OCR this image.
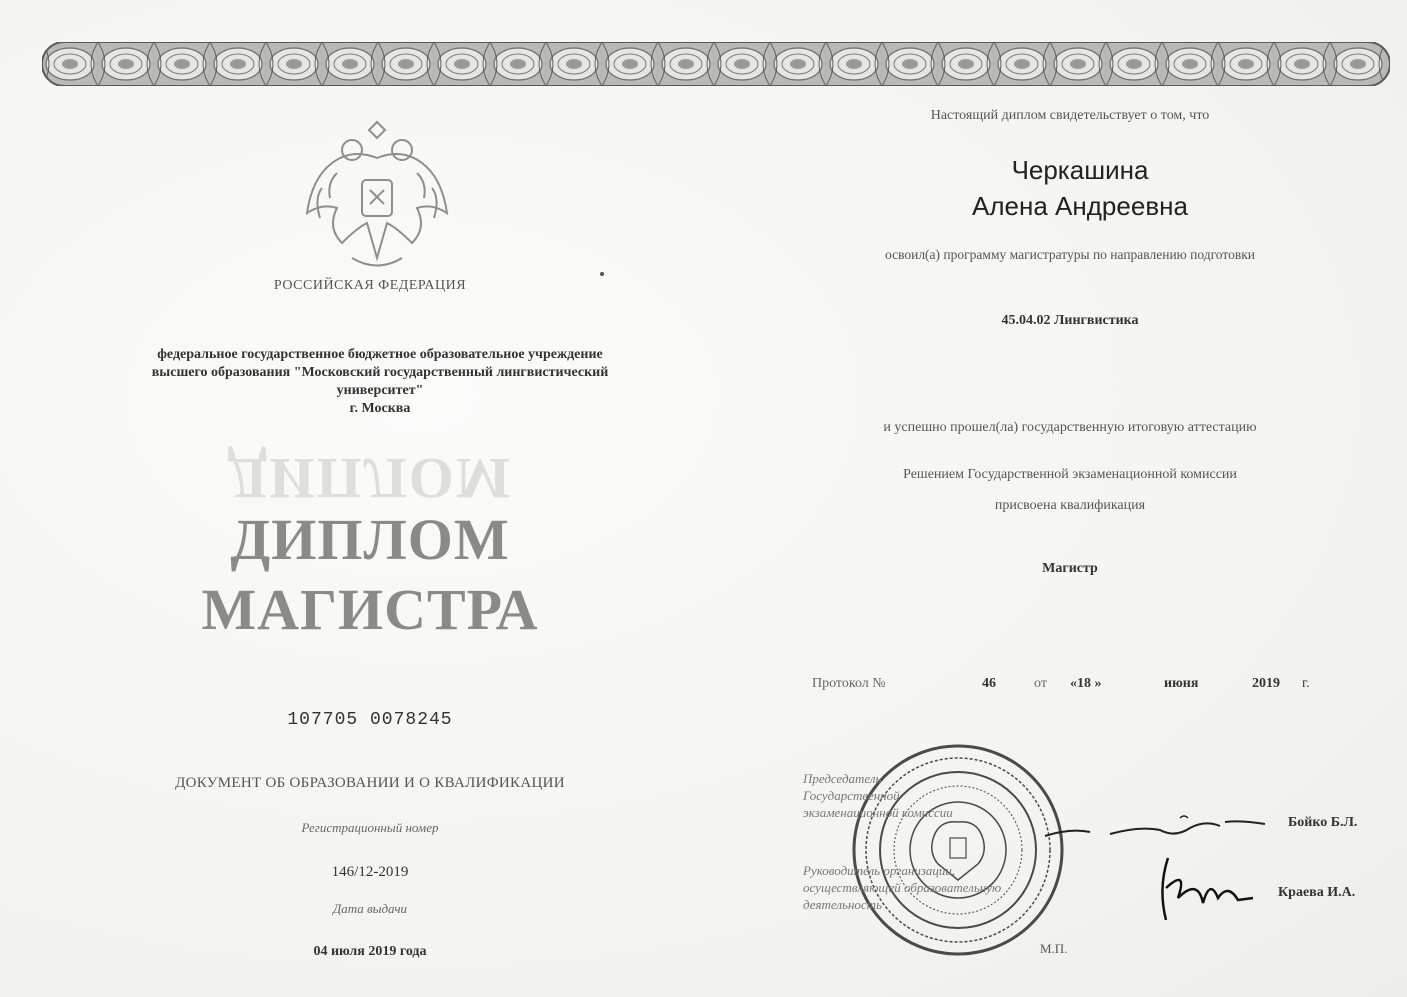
РОССИЙСКАЯ ФЕДЕРАЦИЯ
федеральное государственное бюджетное образовательное учреждение
высшего образования "Московский государственный лингвистический
университет"
г. Москва
ДИПЛОМ
ДИПЛОМ
МАГИСТРА
107705 0078245
ДОКУМЕНТ ОБ ОБРАЗОВАНИИ И О КВАЛИФИКАЦИИ
Регистрационный номер
146/12-2019
Дата выдачи
04 июля 2019 года
Настоящий диплом свидетельствует о том, что
Черкашина
Алена Андреевна
освоил(а) программу магистратуры по направлению подготовки
45.04.02 Лингвистика
и успешно прошел(ла) государственную итоговую аттестацию
Решением Государственной экзаменационной комиссии
присвоена квалификация
Магистр
Протокол №	46	от «18 »	июня	2019 г.
Председатель
Государственной
экзаменационной комиссии
Руководитель организации,
осуществляющей образовательную
деятельность
Бойко Б.Л.
Краева И.А.
М.П.
